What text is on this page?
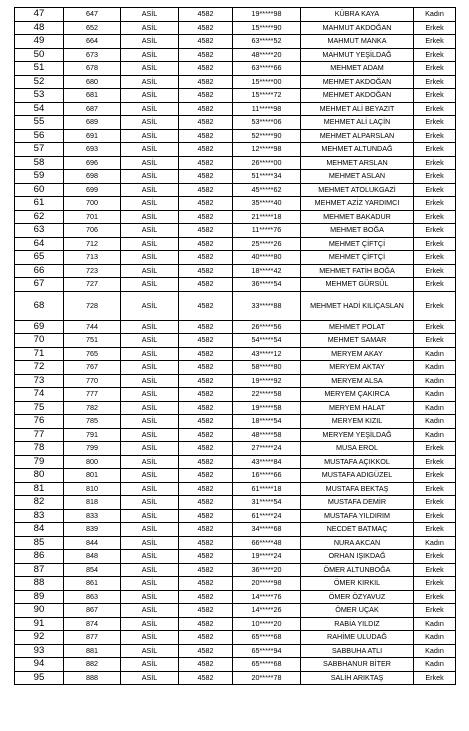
47	647	ASİL	4582	19*****98	KÜBRA KAYA	Kadın
48	652	ASİL	4582	15*****90	MAHMUT AKDOĞAN	Erkek
49	664	ASİL	4582	63*****52	MAHMUT MANKA	Erkek
50	673	ASİL	4582	48*****20	MAHMUT YEŞİLDAĞ	Erkek
51	678	ASİL	4582	63*****66	MEHMET ADAM	Erkek
52	680	ASİL	4582	15*****00	MEHMET AKDOĞAN	Erkek
53	681	ASİL	4582	15*****72	MEHMET AKDOĞAN	Erkek
54	687	ASİL	4582	11*****98	MEHMET ALİ BEYAZIT	Erkek
55	689	ASİL	4582	53*****06	MEHMET ALİ LAÇİN	Erkek
56	691	ASİL	4582	52*****90	MEHMET ALPARSLAN	Erkek
57	693	ASİL	4582	12*****98	MEHMET ALTUNDAĞ	Erkek
58	696	ASİL	4582	26*****00	MEHMET ARSLAN	Erkek
59	698	ASİL	4582	51*****34	MEHMET ASLAN	Erkek
60	699	ASİL	4582	45*****62	MEHMET ATOLUKGAZİ	Erkek
61	700	ASİL	4582	35*****40	MEHMET AZİZ YARDIMCI	Erkek
62	701	ASİL	4582	21*****18	MEHMET BAKADUR	Erkek
63	706	ASİL	4582	11*****76	MEHMET BOĞA	Erkek
64	712	ASİL	4582	25*****26	MEHMET ÇİFTÇİ	Erkek
65	713	ASİL	4582	40*****80	MEHMET ÇİFTÇİ	Erkek
66	723	ASİL	4582	18*****42	MEHMET FATİH BOĞA	Erkek
67	727	ASİL	4582	36*****54	MEHMET GÜRSÜL	Erkek
68	728	ASİL	4582	33*****88	MEHMET HADİ KILIÇASLAN	Erkek
69	744	ASİL	4582	26*****56	MEHMET POLAT	Erkek
70	751	ASİL	4582	54*****54	MEHMET SAMAR	Erkek
71	765	ASİL	4582	43*****12	MERYEM AKAY	Kadın
72	767	ASİL	4582	58*****80	MERYEM AKTAY	Kadın
73	770	ASİL	4582	19*****92	MERYEM ALSA	Kadın
74	777	ASİL	4582	22*****58	MERYEM ÇAKIRCA	Kadın
75	782	ASİL	4582	19*****58	MERYEM HALAT	Kadın
76	785	ASİL	4582	18*****54	MERYEM KIZIL	Kadın
77	791	ASİL	4582	48*****58	MERYEM YEŞİLDAĞ	Kadın
78	799	ASİL	4582	27*****24	MUSA EROL	Erkek
79	800	ASİL	4582	43*****84	MUSTAFA AÇIKKOL	Erkek
80	801	ASİL	4582	16*****66	MUSTAFA ADIGÜZEL	Erkek
81	810	ASİL	4582	61*****18	MUSTAFA BEKTAŞ	Erkek
82	818	ASİL	4582	31*****54	MUSTAFA DEMİR	Erkek
83	833	ASİL	4582	61*****24	MUSTAFA YILDIRIM	Erkek
84	839	ASİL	4582	34*****68	NECDET BATMAÇ	Erkek
85	844	ASİL	4582	66*****48	NURA AKCAN	Kadın
86	848	ASİL	4582	19*****24	ORHAN IŞIKDAĞ	Erkek
87	854	ASİL	4582	36*****20	ÖMER ALTUNBOĞA	Erkek
88	861	ASİL	4582	20*****98	ÖMER KIRKIL	Erkek
89	863	ASİL	4582	14*****76	ÖMER ÖZYAVUZ	Erkek
90	867	ASİL	4582	14*****26	ÖMER UÇAK	Erkek
91	874	ASİL	4582	10*****20	RABİA YILDIZ	Kadın
92	877	ASİL	4582	65*****68	RAHİME ULUDAĞ	Kadın
93	881	ASİL	4582	65*****94	SABBUHA ATLI	Kadın
94	882	ASİL	4582	65*****68	SABBHANUR BİTER	Kadın
95	888	ASİL	4582	20*****78	SALİH ARIKTAŞ	Erkek
